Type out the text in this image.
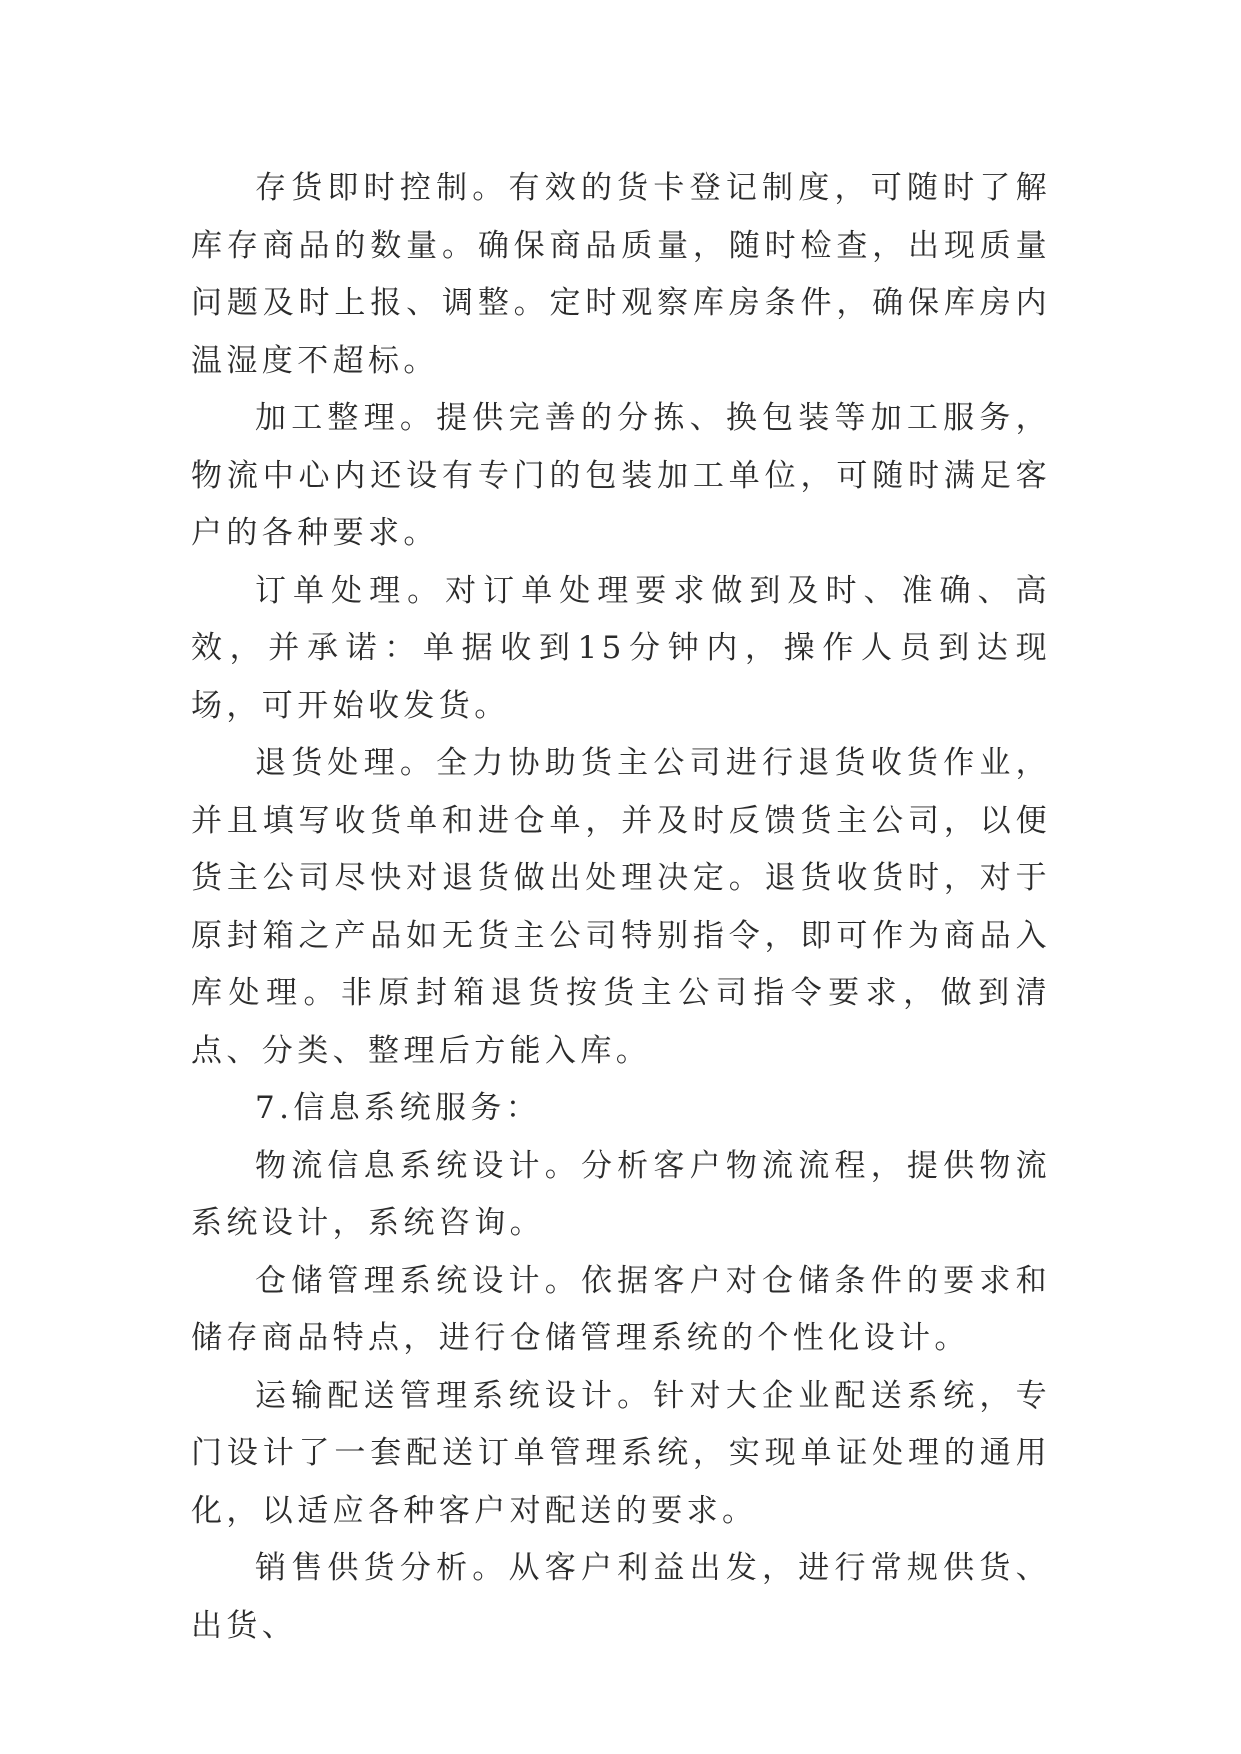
存货即时控制。有效的货卡登记制度，可随时了解库存商品的数量。确保商品质量，随时检查，出现质量问题及时上报、调整。定时观察库房条件，确保库房内温湿度不超标。

加工整理。提供完善的分拣、换包装等加工服务，物流中心内还设有专门的包装加工单位，可随时满足客户的各种要求。

订单处理。对订单处理要求做到及时、准确、高效，并承诺：单据收到15分钟内，操作人员到达现场，可开始收发货。

退货处理。全力协助货主公司进行退货收货作业，并且填写收货单和进仓单，并及时反馈货主公司，以便货主公司尽快对退货做出处理决定。退货收货时，对于原封箱之产品如无货主公司特别指令，即可作为商品入库处理。非原封箱退货按货主公司指令要求，做到清点、分类、整理后方能入库。

7.信息系统服务：

物流信息系统设计。分析客户物流流程，提供物流系统设计，系统咨询。

仓储管理系统设计。依据客户对仓储条件的要求和储存商品特点，进行仓储管理系统的个性化设计。

运输配送管理系统设计。针对大企业配送系统，专门设计了一套配送订单管理系统，实现单证处理的通用化，以适应各种客户对配送的要求。

销售供货分析。从客户利益出发，进行常规供货、出货、
